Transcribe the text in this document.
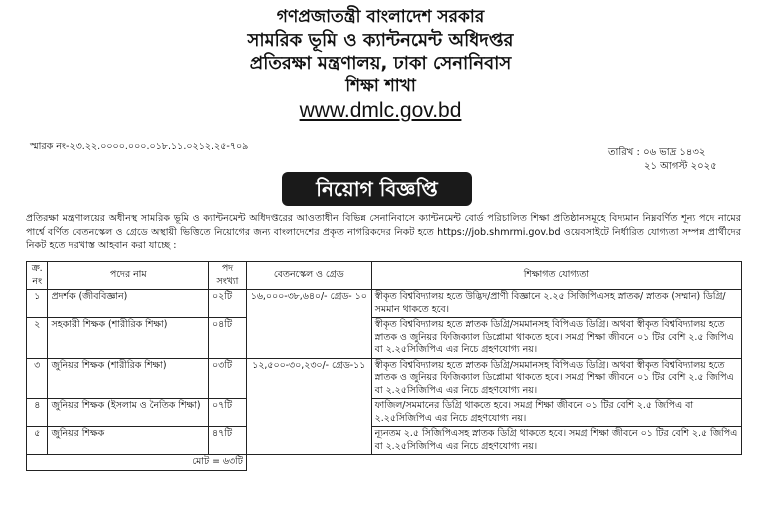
গণপ্রজাতন্ত্রী বাংলাদেশ সরকার
সামরিক ভূমি ও ক্যান্টনমেন্ট অধিদপ্তর
প্রতিরক্ষা মন্ত্রণালয়, ঢাকা সেনানিবাস
শিক্ষা শাখা
www.dmlc.gov.bd
স্মারক নং-২৩.২২.০০০০.০০০.০১৮.১১.০২১২.২৫-৭০৯
তারিখ : ০৬ ভাদ্র ১৪৩২
২১ আগস্ট ২০২৫
নিয়োগ বিজ্ঞপ্তি
প্রতিরক্ষা মন্ত্রণালয়ের অধীনস্থ সামরিক ভূমি ও ক্যান্টনমেন্ট অধিদপ্তরের আওতাধীন বিভিন্ন সেনানিবাসে ক্যান্টনমেন্ট বোর্ড পরিচালিত শিক্ষা প্রতিষ্ঠানসমূহে বিদ্যমান নিম্নবর্ণিত শূন্য পদে নামের পার্শ্বে বর্ণিত বেতনস্কেল ও গ্রেডে অস্থায়ী ভিত্তিতে নিয়োগের জন্য বাংলাদেশের প্রকৃত নাগরিকদের নিকট হতে https://job.shmrmi.gov.bd ওয়েবসাইটে নির্ধারিত যোগ্যতা সম্পন্ন প্রার্থীদের নিকট হতে দরখাস্ত আহবান করা যাচ্ছে :
ক্র. নং	পদের নাম	পদ সংখ্যা	বেতনস্কেল ও গ্রেড	শিক্ষাগত যোগ্যতা
১	প্রদর্শক (জীববিজ্ঞান)	০২টি	১৬,০০০-৩৮,৬৪০/- গ্রেড- ১০	স্বীকৃত বিশ্ববিদ্যালয় হতে উদ্ভিদ/প্রাণী বিজ্ঞানে ২.২৫ সিজিপিএসহ স্নাতক/ স্নাতক (সম্মান) ডিগ্রি/সমমান থাকতে হবে।
২	সহকারী শিক্ষক (শারীরিক শিক্ষা)	০৪টি		স্বীকৃত বিশ্ববিদ্যালয় হতে স্নাতক ডিগ্রি/সমমানসহ বিপিএড ডিগ্রি। অথবা স্বীকৃত বিশ্ববিদ্যালয় হতে স্নাতক ও জুনিয়র ফিজিক্যাল ডিপ্লোমা থাকতে হবে। সমগ্র শিক্ষা জীবনে ০১ টির বেশি ২.৫ জিপিএ বা ২.২৫সিজিপিএ এর নিচে গ্রহণযোগ্য নয়।
৩	জুনিয়র শিক্ষক (শারীরিক শিক্ষা)	০৩টি	১২,৫০০-৩০,২৩০/- গ্রেড-১১	স্বীকৃত বিশ্ববিদ্যালয় হতে স্নাতক ডিগ্রি/সমমানসহ বিপিএড ডিগ্রি। অথবা স্বীকৃত বিশ্ববিদ্যালয় হতে স্নাতক ও জুনিয়র ফিজিক্যাল ডিপ্লোমা থাকতে হবে। সমগ্র শিক্ষা জীবনে ০১ টির বেশি ২.৫ জিপিএ বা ২.২৫সিজিপিএ এর নিচে গ্রহণযোগ্য নয়।
৪	জুনিয়র শিক্ষক (ইসলাম ও নৈতিক শিক্ষা)	০৭টি		ফাজিল/সমমানের ডিগ্রি থাকতে হবে। সমগ্র শিক্ষা জীবনে ০১ টির বেশি ২.৫ জিপিএ বা ২.২৫সিজিপিএ এর নিচে গ্রহণযোগ্য নয়।
৫	জুনিয়র শিক্ষক	৪৭টি		ন্যূনতম ২.৫ সিজিপিএসহ স্নাতক ডিগ্রি থাকতে হবে। সমগ্র শিক্ষা জীবনে ০১ টির বেশি ২.৫ জিপিএ বা ২.২৫সিজিপিএ এর নিচে গ্রহণযোগ্য নয়।
মোট = ৬৩টি				
